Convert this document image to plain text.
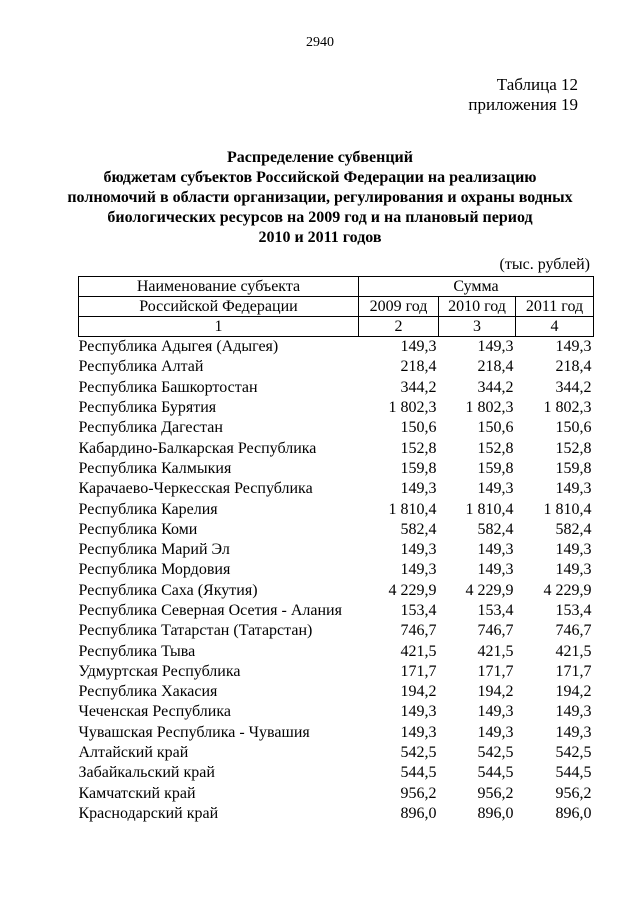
2940
Таблица 12
приложения 19
Распределение субвенций
бюджетам субъектов Российской Федерации на реализацию
полномочий в области организации, регулирования и охраны водных
биологических ресурсов на 2009 год и на плановый период
2010 и 2011 годов
(тыс. рублей)
Наименование субъекта	Сумма		
Российской Федерации	2009 год	2010 год	2011 год
1	2	3	4
Республика Адыгея (Адыгея)	149,3	149,3	149,3
Республика Алтай	218,4	218,4	218,4
Республика Башкортостан	344,2	344,2	344,2
Республика Бурятия	1 802,3	1 802,3	1 802,3
Республика Дагестан	150,6	150,6	150,6
Кабардино-Балкарская Республика	152,8	152,8	152,8
Республика Калмыкия	159,8	159,8	159,8
Карачаево-Черкесская Республика	149,3	149,3	149,3
Республика Карелия	1 810,4	1 810,4	1 810,4
Республика Коми	582,4	582,4	582,4
Республика Марий Эл	149,3	149,3	149,3
Республика Мордовия	149,3	149,3	149,3
Республика Саха (Якутия)	4 229,9	4 229,9	4 229,9
Республика Северная Осетия - Алания	153,4	153,4	153,4
Республика Татарстан (Татарстан)	746,7	746,7	746,7
Республика Тыва	421,5	421,5	421,5
Удмуртская Республика	171,7	171,7	171,7
Республика Хакасия	194,2	194,2	194,2
Чеченская Республика	149,3	149,3	149,3
Чувашская Республика - Чувашия	149,3	149,3	149,3
Алтайский край	542,5	542,5	542,5
Забайкальский край	544,5	544,5	544,5
Камчатский край	956,2	956,2	956,2
Краснодарский край	896,0	896,0	896,0
